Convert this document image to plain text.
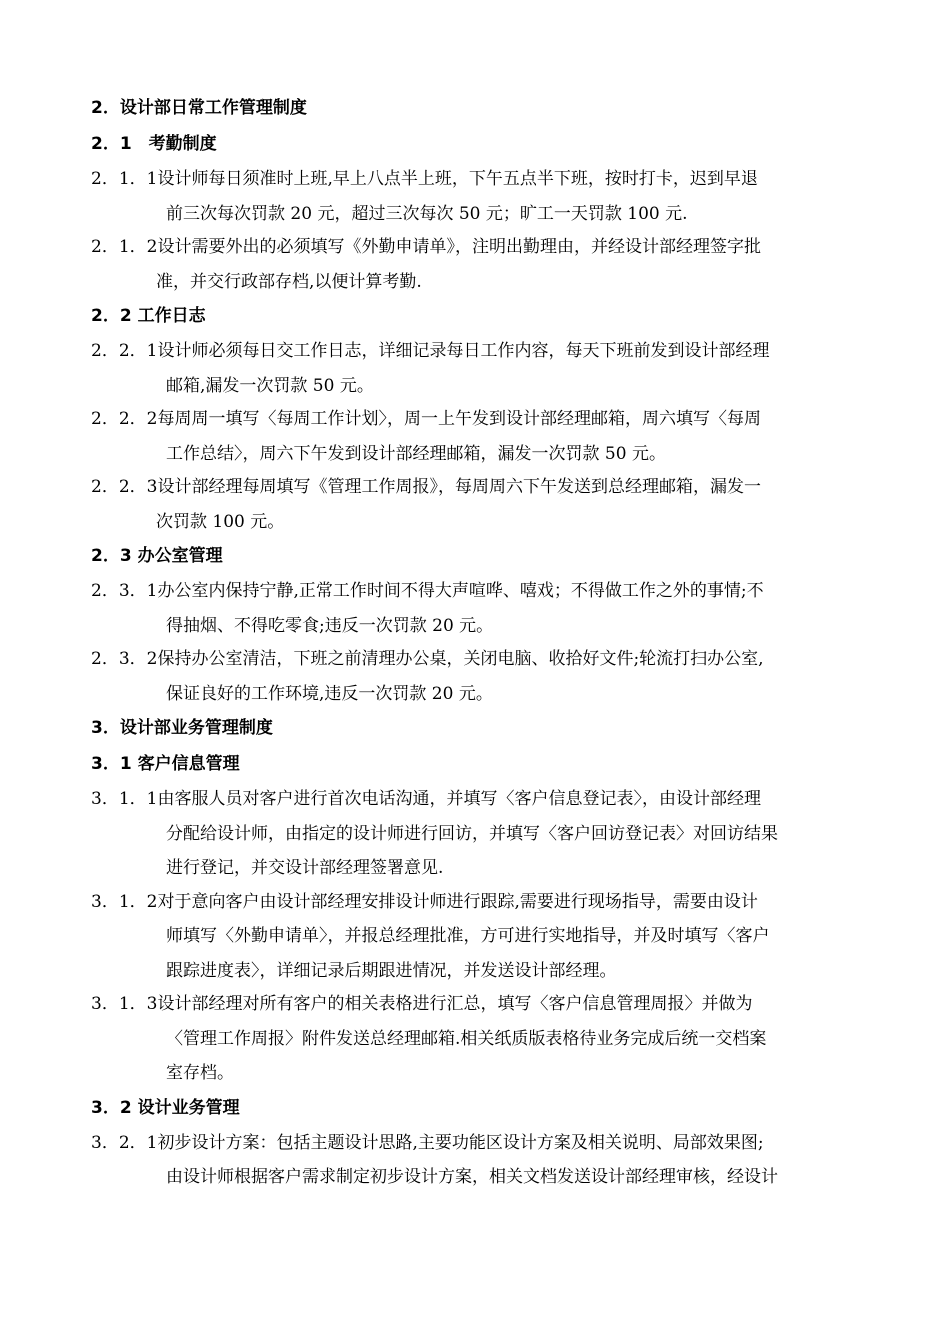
2．设计部日常工作管理制度
2．1　考勤制度
2．1．1设计师每日须准时上班,早上八点半上班，下午五点半下班，按时打卡，迟到早退
前三次每次罚款 20 元，超过三次每次 50 元；旷工一天罚款 100 元.
2．1．2设计需要外出的必须填写《外勤申请单》，注明出勤理由，并经设计部经理签字批
准，并交行政部存档,以便计算考勤.
2．2 工作日志
2．2．1设计师必须每日交工作日志，详细记录每日工作内容，每天下班前发到设计部经理
邮箱,漏发一次罚款 50 元。
2．2．2每周周一填写〈每周工作计划〉，周一上午发到设计部经理邮箱，周六填写〈每周
工作总结〉，周六下午发到设计部经理邮箱，漏发一次罚款 50 元。
2．2．3设计部经理每周填写《管理工作周报》，每周周六下午发送到总经理邮箱，漏发一
次罚款 100 元。
2．3 办公室管理
2．3．1办公室内保持宁静,正常工作时间不得大声喧哗、嘻戏；不得做工作之外的事情;不
得抽烟、不得吃零食;违反一次罚款 20 元。
2．3．2保持办公室清洁，下班之前清理办公桌，关闭电脑、收拾好文件;轮流打扫办公室,
保证良好的工作环境,违反一次罚款 20 元。
3．设计部业务管理制度
3．1 客户信息管理
3．1．1由客服人员对客户进行首次电话沟通，并填写〈客户信息登记表〉，由设计部经理
分配给设计师，由指定的设计师进行回访，并填写〈客户回访登记表〉对回访结果
进行登记，并交设计部经理签署意见.
3．1．2对于意向客户由设计部经理安排设计师进行跟踪,需要进行现场指导，需要由设计
师填写〈外勤申请单〉，并报总经理批准，方可进行实地指导，并及时填写〈客户
跟踪进度表〉，详细记录后期跟进情况，并发送设计部经理。
3．1．3设计部经理对所有客户的相关表格进行汇总，填写〈客户信息管理周报〉并做为
〈管理工作周报〉附件发送总经理邮箱.相关纸质版表格待业务完成后统一交档案
室存档。
3．2 设计业务管理
3．2．1初步设计方案：包括主题设计思路,主要功能区设计方案及相关说明、局部效果图;
由设计师根据客户需求制定初步设计方案，相关文档发送设计部经理审核，经设计
